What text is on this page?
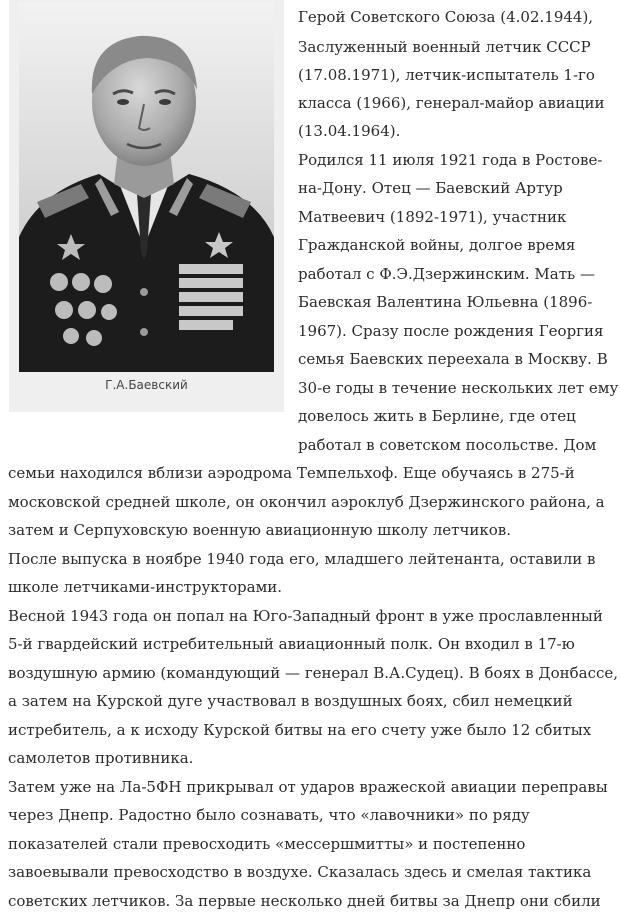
Г.А.Баевский
Герой Советского Союза (4.02.1944),
Заслуженный военный летчик СССР
(17.08.1971), летчик-испытатель 1-го
класса (1966), генерал-майор авиации
(13.04.1964).
Родился 11 июля 1921 года в Ростове-
на-Дону. Отец — Баевский Артур
Матвеевич (1892-1971), участник
Гражданской войны, долгое время
работал с Ф.Э.Дзержинским. Мать —
Баевская Валентина Юльевна (1896-
1967). Сразу после рождения Георгия
семья Баевских переехала в Москву. В
30-е годы в течение нескольких лет ему
довелось жить в Берлине, где отец
работал в советском посольстве. Дом
семьи находился вблизи аэродрома Темпельхоф. Еще обучаясь в 275-й
московской средней школе, он окончил аэроклуб Дзержинского района, а
затем и Серпуховскую военную авиационную школу летчиков.
После выпуска в ноябре 1940 года его, младшего лейтенанта, оставили в
школе летчиками-инструкторами.
Весной 1943 года он попал на Юго-Западный фронт в уже прославленный
5-й гвардейский истребительный авиационный полк. Он входил в 17-ю
воздушную армию (командующий — генерал В.А.Судец). В боях в Донбассе,
а затем на Курской дуге участвовал в воздушных боях, сбил немецкий
истребитель, а к исходу Курской битвы на его счету уже было 12 сбитых
самолетов противника.
Затем уже на Ла-5ФН прикрывал от ударов вражеской авиации переправы
через Днепр. Радостно было сознавать, что «лавочники» по ряду
показателей стали превосходить «мессершмитты» и постепенно
завоевывали превосходство в воздухе. Сказалась здесь и смелая тактика
советских летчиков. За первые несколько дней битвы за Днепр они сбили
